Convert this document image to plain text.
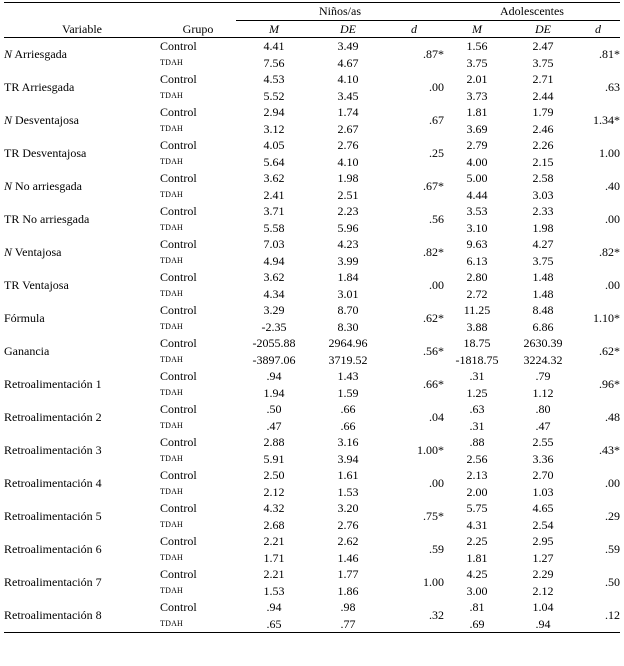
Variable	Grupo	Niños/as			Adolescentes		
		M	DE	d	M	DE	d
N Arriesgada	Control	4.41	3.49	.87*	1.56	2.47	.81*
	TDAH	7.56	4.67		3.75	3.75	
TR Arriesgada	Control	4.53	4.10	.00	2.01	2.71	.63
	TDAH	5.52	3.45		3.73	2.44	
N Desventajosa	Control	2.94	1.74	.67	1.81	1.79	1.34*
	TDAH	3.12	2.67		3.69	2.46	
TR Desventajosa	Control	4.05	2.76	.25	2.79	2.26	1.00
	TDAH	5.64	4.10		4.00	2.15	
N No arriesgada	Control	3.62	1.98	.67*	5.00	2.58	.40
	TDAH	2.41	2.51		4.44	3.03	
TR No arriesgada	Control	3.71	2.23	.56	3.53	2.33	.00
	TDAH	5.58	5.96		3.10	1.98	
N Ventajosa	Control	7.03	4.23	.82*	9.63	4.27	.82*
	TDAH	4.94	3.99		6.13	3.75	
TR Ventajosa	Control	3.62	1.84	.00	2.80	1.48	.00
	TDAH	4.34	3.01		2.72	1.48	
Fórmula	Control	3.29	8.70	.62*	11.25	8.48	1.10*
	TDAH	-2.35	8.30		3.88	6.86	
Ganancia	Control	-2055.88	2964.96	.56*	18.75	2630.39	.62*
	TDAH	-3897.06	3719.52		-1818.75	3224.32	
Retroalimentación 1	Control	.94	1.43	.66*	.31	.79	.96*
	TDAH	1.94	1.59		1.25	1.12	
Retroalimentación 2	Control	.50	.66	.04	.63	.80	.48
	TDAH	.47	.66		.31	.47	
Retroalimentación 3	Control	2.88	3.16	1.00*	.88	2.55	.43*
	TDAH	5.91	3.94		2.56	3.36	
Retroalimentación 4	Control	2.50	1.61	.00	2.13	2.70	.00
	TDAH	2.12	1.53		2.00	1.03	
Retroalimentación 5	Control	4.32	3.20	.75*	5.75	4.65	.29
	TDAH	2.68	2.76		4.31	2.54	
Retroalimentación 6	Control	2.21	2.62	.59	2.25	2.95	.59
	TDAH	1.71	1.46		1.81	1.27	
Retroalimentación 7	Control	2.21	1.77	1.00	4.25	2.29	.50
	TDAH	1.53	1.86		3.00	2.12	
Retroalimentación 8	Control	.94	.98	.32	.81	1.04	.12
	TDAH	.65	.77		.69	.94	
